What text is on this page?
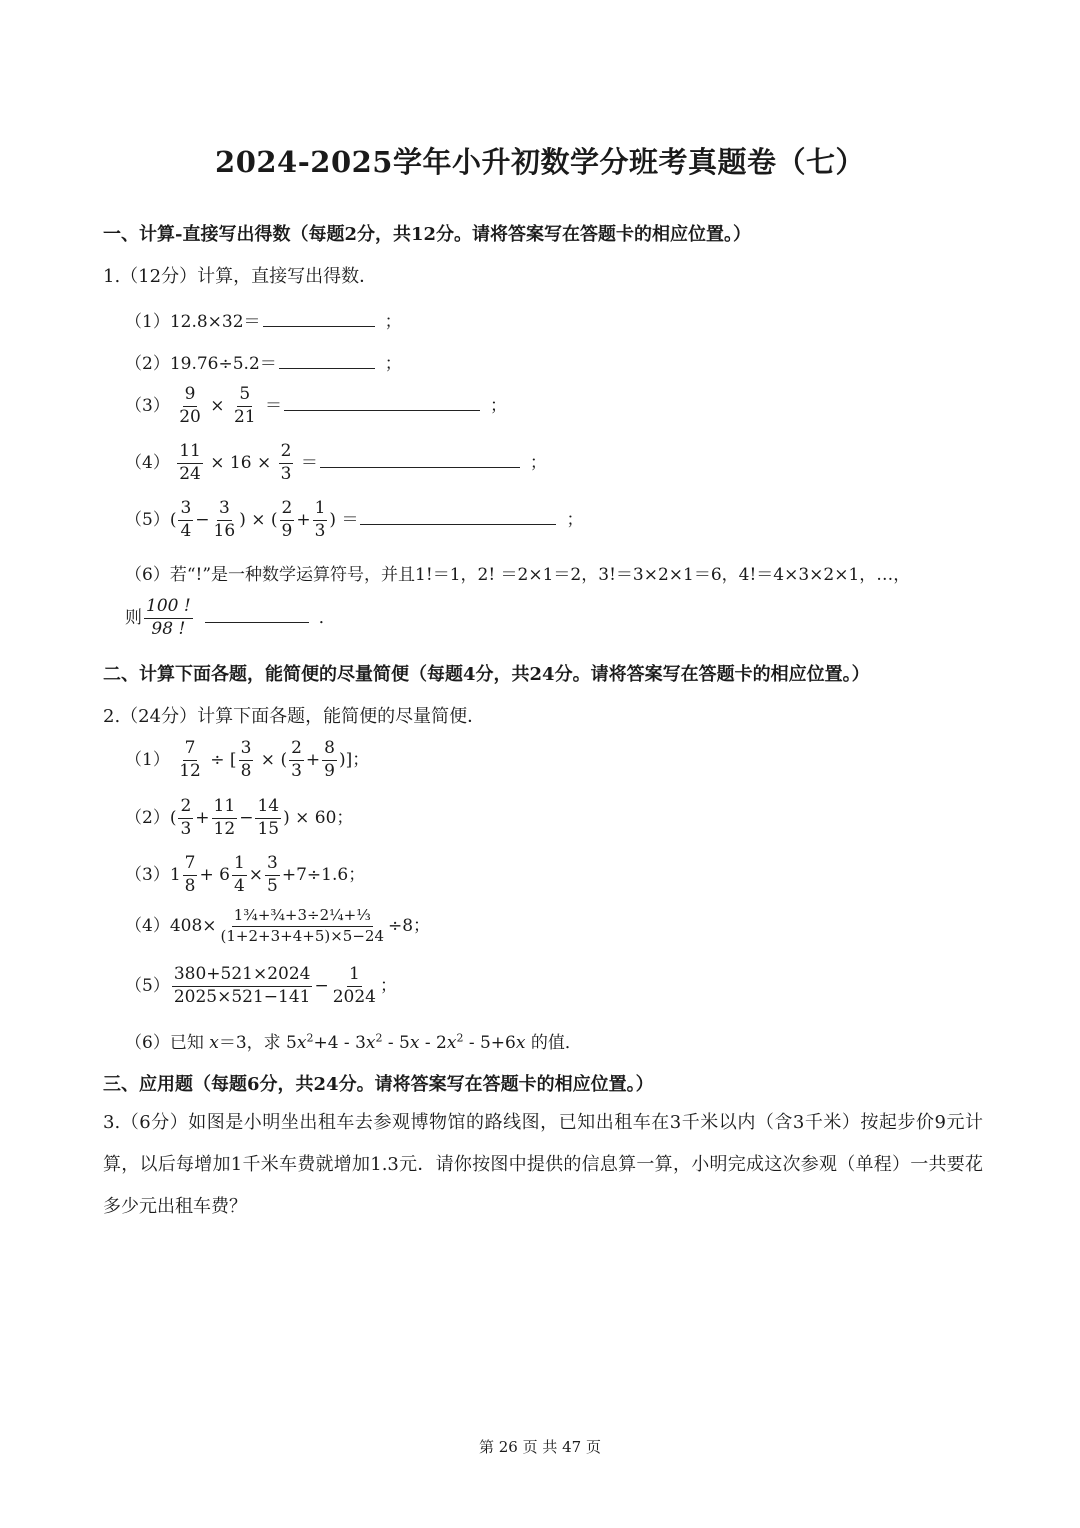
2024-2025学年小升初数学分班考真题卷（七）
一、计算-直接写出得数（每题2分，共12分。请将答案写在答题卡的相应位置。）
1.（12分）计算，直接写出得数．
（1）12.8×32＝	；
（2）19.76÷5.2＝	；
$(3) \frac{9}{20} \times \frac{5}{21}$ ＝	；
$(4) \frac{11}{24} \times 16 \times \frac{2}{3}$ ＝	；
$(5)( \frac{3}{4} - \frac{3}{16}$ ) × ( $\frac{2}{9} + \frac{1}{3}$ ) ＝	；
（6）若“!”是一种数学运算符号，并且1!＝1，2! ＝2×1＝2，3!＝3×2×1＝6，4!＝4×3×2×1，…，
则 $\frac{100 !}{98 !}$	．
二、计算下面各题，能简便的尽量简便（每题4分，共24分。请将答案写在答题卡的相应位置。）
2.（24分）计算下面各题，能简便的尽量简便．
$(1) \frac{7}{12}$ ÷ [ $\frac{3}{8}$ × ( $\frac{2}{3} + \frac{8}{9}$ )]；
$(2)( \frac{2}{3} + \frac{11}{12} - \frac{14}{15}$ ) × 60；
$(3)1 \frac{7}{8} + 6 \frac{1}{4} \times \frac{3}{5} +7\div 1.6$；
$(4)408\times \frac{\text{1¾+¾+3÷2¼+⅓}}{(1+2+3+4+5)\times 5-24} \div 8$；
$(5) \frac{380+521\times 2024}{2025\times 521-141} - \frac{1}{2024}$ ；
（6）已知 x＝3，求 $5x^2+4 - 3x^2 - 5x - 2x^2 - 5+6x$ 的值．
三、应用题（每题6分，共24分。请将答案写在答题卡的相应位置。）
3.（6分）如图是小明坐出租车去参观博物馆的路线图，已知出租车在3千米以内（含3千米）按起步价9元计算，以后每增加1千米车费就增加1.3元．请你按图中提供的信息算一算，小明完成这次参观（单程）一共要花多少元出租车费？
第 26 页 共 47 页
